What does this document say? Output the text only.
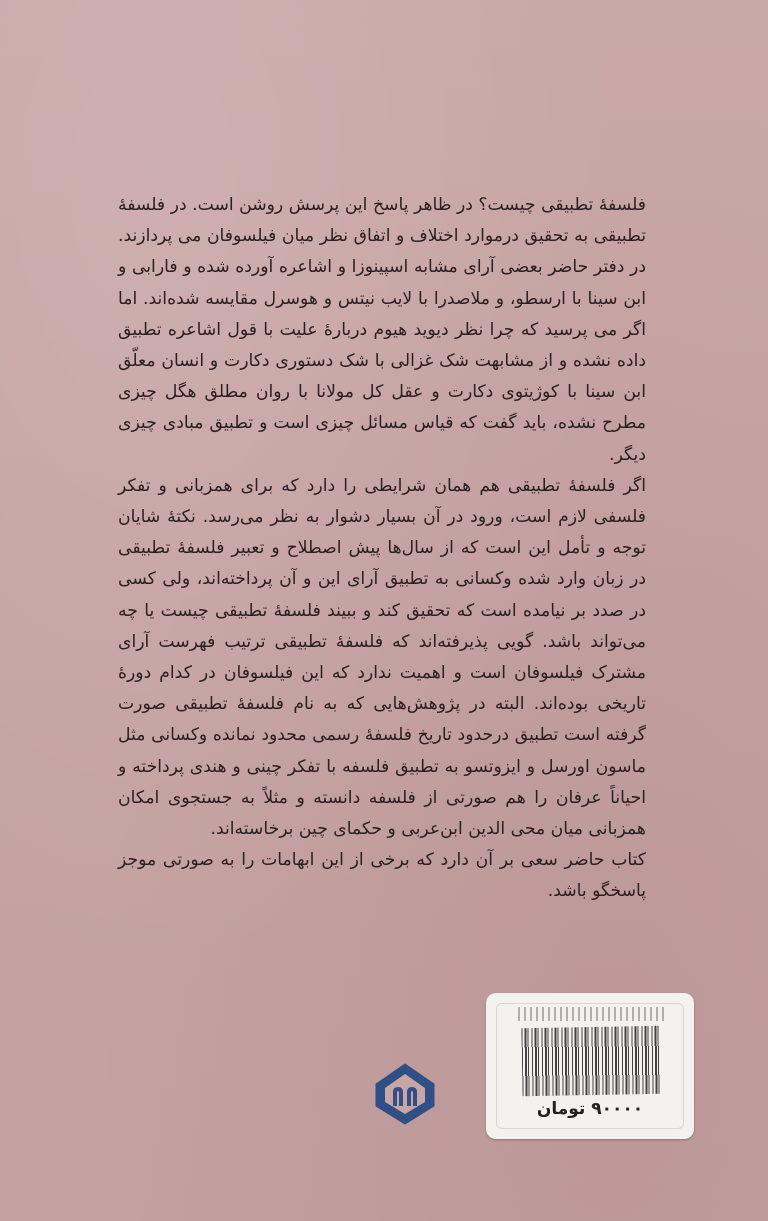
فلسفهٔ تطبیقی چیست؟ در ظاهر پاسخ این پرسش روشن است. در فلسفهٔ تطبیقی به تحقیق درموارد اختلاف و اتفاق نظر میان فیلسوفان می پردازند. در دفتر حاضر بعضی آرای مشابه اسپینوزا و اشاعره آورده شده و فارابی و ابن سینا با ارسطو، و ملاصدرا با لایب نیتس و هوسرل مقایسه شده‌اند. اما اگر می پرسید که چرا نظر دیوید هیوم دربارهٔ علیت با قول اشاعره تطبیق داده نشده و از مشابهت شک غزالی با شک دستوری دکارت و انسان معلّق ابن سینا با کوژیتوی دکارت و عقل کل مولانا با روان مطلق هگل چیزی مطرح نشده، باید گفت که قیاس مسائل چیزی است و تطبیق مبادی چیزی دیگر.

اگر فلسفهٔ تطبیقی هم همان شرایطی را دارد که برای همزبانی و تفکر فلسفی لازم است، ورود در آن بسیار دشوار به نظر می‌رسد. نکتهٔ شایان توجه و تأمل این است که از سال‌ها پیش اصطلاح و تعبیر فلسفهٔ تطبیقی در زبان وارد شده وکسانی به تطبیق آرای این و آن پرداخته‌اند، ولی کسی در صدد بر نیامده است که تحقیق کند و ببیند فلسفهٔ تطبیقی چیست یا چه می‌تواند باشد. گویی پذیرفته‌اند که فلسفهٔ تطبیقی ترتیب فهرست آرای مشترک فیلسوفان است و اهمیت ندارد که این فیلسوفان در کدام دورهٔ تاریخی بوده‌اند. البته در پژوهش‌هایی که به نام فلسفهٔ تطبیقی صورت گرفته است تطبیق درحدود تاریخ فلسفهٔ رسمی محدود نمانده وکسانی مثل ماسون اورسل و ایزوتسو به تطبیق فلسفه با تفکر چینی و هندی پرداخته و احیاناً عرفان را هم صورتی از فلسفه دانسته و مثلاً به جستجوی امکان همزبانی میان محی الدین ابن‌عربی و حکمای چین برخاسته‌اند.

کتاب حاضر سعی بر آن دارد که برخی از این ابهامات را به صورتی موجز پاسخگو باشد.

۹۰۰۰۰ تومان
